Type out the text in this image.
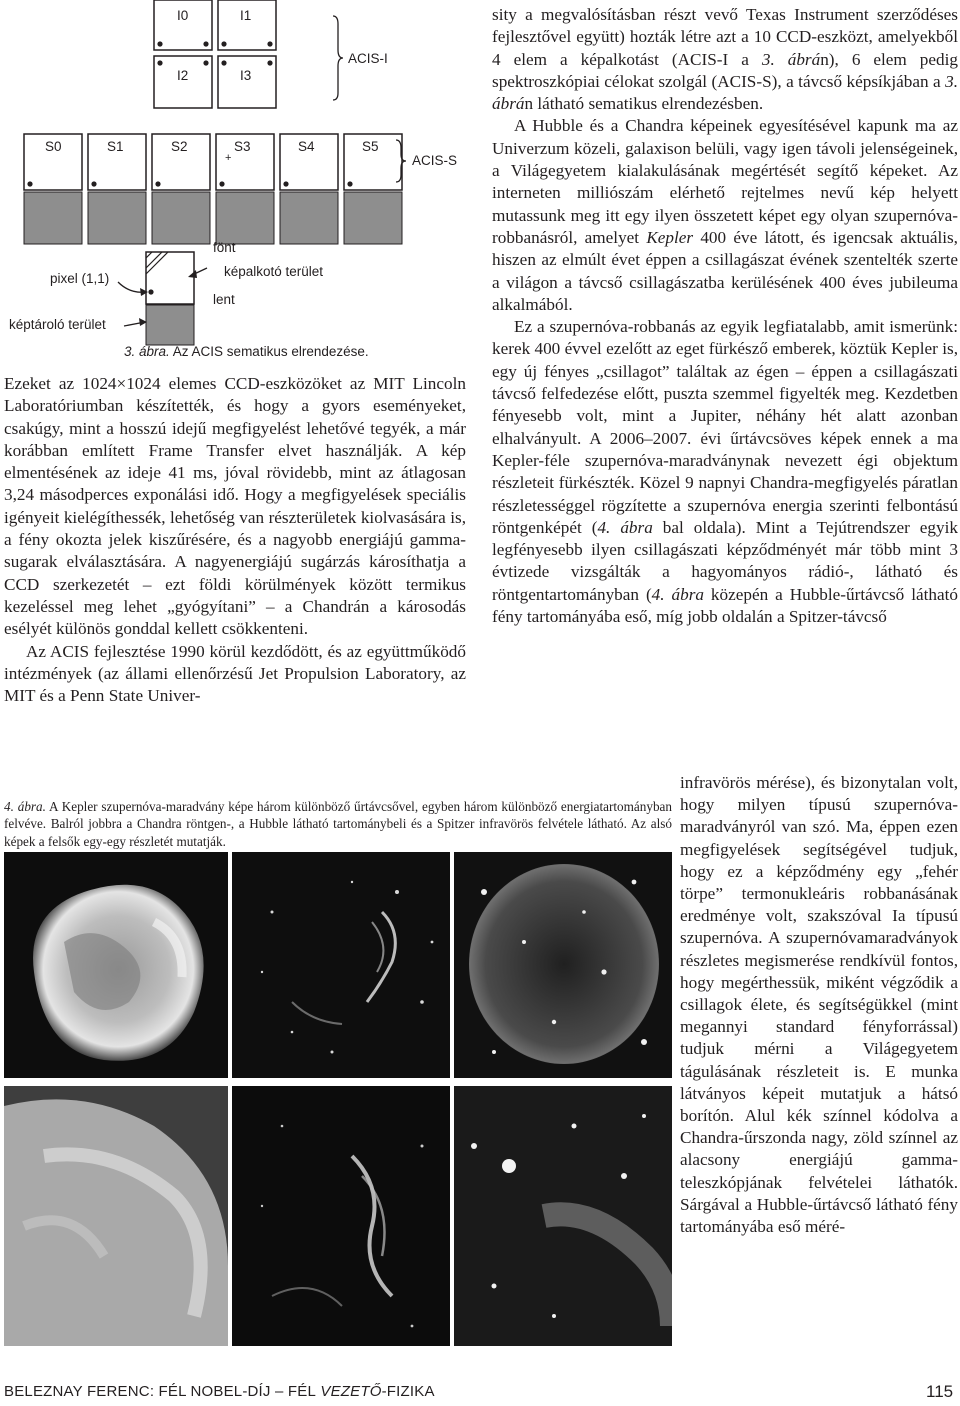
I0	I1
I2	I3
ACIS-I
S0	S1	S2	S3
+
S4	S5
ACIS-S
fönt
képalkotó terület
lent
pixel (1,1)
képtároló terület
3. ábra. Az ACIS sematikus elrendezése.

Ezeket az 1024×1024 elemes CCD-eszközöket az MIT Lincoln Laboratóriumban készítették, és hogy a gyors eseményeket, csakúgy, mint a hosszú idejű megfigyelést lehetővé tegyék, a már korábban említett Frame Transfer elvet használják. A kép elmentésének az ideje 41 ms, jóval rövidebb, mint az átlagosan 3,24 másodperces exponálási idő. Hogy a megfigyelések speciális igényeit kielégíthessék, lehetőség van részterületek kiolvasására is, a fény okozta jelek kiszűrésére, és a nagyobb energiájú gamma-sugarak elválasztására. A nagyenergiájú sugárzás károsíthatja a CCD szerkezetét – ezt földi körülmények között termikus kezeléssel meg lehet „gyógyítani” – a Chandrán a károsodás esélyét különös gonddal kellett csökkenteni.

Az ACIS fejlesztése 1990 körül kezdődött, és az együttműködő intézmények (az állami ellenőrzésű Jet Propulsion Laboratory, az MIT és a Penn State Univer-

sity a megvalósításban részt vevő Texas Instrument szerződéses fejlesztővel együtt) hozták létre azt a 10 CCD-eszközt, amelyekből 4 elem a képalkotást (ACIS-I a 3. ábrán), 6 elem pedig spektroszkópiai célokat szolgál (ACIS-S), a távcső képsíkjában a 3. ábrán látható sematikus elrendezésben.

A Hubble és a Chandra képeinek egyesítésével kapunk ma az Univerzum közeli, galaxison belüli, vagy igen távoli jelenségeinek, a Világegyetem kialakulásának megértését segítő képeket. Az interneten milliószám elérhető rejtelmes nevű kép helyett mutassunk meg itt egy ilyen összetett képet egy olyan szupernóva-robbanásról, amelyet Kepler 400 éve látott, és igencsak aktuális, hiszen az elmúlt évet éppen a csillagászat évének szentelték szerte a világon a távcső csillagászatba kerülésének 400 éves jubileuma alkalmából.

Ez a szupernóva-robbanás az egyik legfiatalabb, amit ismerünk: kerek 400 évvel ezelőtt az eget fürkésző emberek, köztük Kepler is, egy új fényes „csillagot” találtak az égen – éppen a csillagászati távcső felfedezése előtt, puszta szemmel figyelték meg. Kezdetben fényesebb volt, mint a Jupiter, néhány hét alatt azonban elhalványult. A 2006–2007. évi űrtávcsöves képek ennek a ma Kepler-féle szupernóva-maradványnak nevezett égi objektum részleteit fürkészték. Közel 9 napnyi Chandra-megfigyelés páratlan részletességgel rögzítette a szupernóva energia szerinti felbontású röntgenképét (4. ábra bal oldala). Mint a Tejútrendszer egyik legfényesebb ilyen csillagászati képződményét már több mint 3 évtizede vizsgálták a hagyományos rádió-, látható és röntgentartományban (4. ábra közepén a Hubble-űrtávcső látható fény tartományába eső, míg jobb oldalán a Spitzer-távcső

infravörös mérése), és bizonytalan volt, hogy milyen típusú szupernóva-maradványról van szó. Ma, éppen ezen megfigyelések segítségével tudjuk, hogy ez a képződmény egy „fehér törpe” termonukleáris robbanásának eredménye volt, szakszóval Ia típusú szupernóva. A szupernóvamaradványok részletes megismerése rendkívül fontos, hogy megérthessük, miként végződik a csillagok élete, és segítségükkel (mint megannyi standard fényforrással) tudjuk mérni a Világegyetem tágulásának részleteit is. E munka látványos képeit mutatjuk a hátsó borítón. Alul kék színnel kódolva a Chandra-űrszonda nagy, zöld színnel az alacsony energiájú gamma-teleszkópjának felvételei láthatók. Sárgával a Hubble-űrtávcső látható fény tartományába eső méré-

4. ábra. A Kepler szupernóva-maradvány képe három különböző űrtávcsővel, egyben három különböző energiatartományban felvéve. Balról jobbra a Chandra röntgen-, a Hubble látható tartománybeli és a Spitzer infravörös felvétele látható. Az alsó képek a felsők egy-egy részletét mutatják.

BELEZNAY FERENC: FÉL NOBEL-DÍJ – FÉL VEZETŐ-FIZIKA	115
